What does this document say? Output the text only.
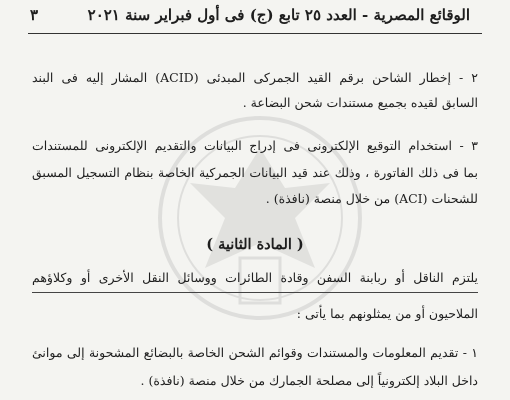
الوقائع المصرية - العدد ٢٥ تابع (ج) فى أول فبراير سنة ٢٠٢١
٣
٢ - إخطار الشاحن برقم القيد الجمركى المبدئى (ACID) المشار إليه فى البند
السابق لقيده بجميع مستندات شحن البضاعة .
٣ - استخدام التوقيع الإلكترونى فى إدراج البيانات والتقديم الإلكترونى للمستندات
بما فى ذلك الفاتورة ، وذلك عند قيد البيانات الجمركية الخاصة بنظام التسجيل المسبق
للشحنات (ACI) من خلال منصة (نافذة) .
( المادة الثانية )
يلتزم الناقل أو ربابنة السفن وقادة الطائرات ووسائل النقل الأخرى أو وكلاؤهم
الملاحيون أو من يمثلونهم بما يأتى :
١ - تقديم المعلومات والمستندات وقوائم الشحن الخاصة بالبضائع المشحونة إلى موانئ
داخل البلاد إلكترونياً إلى مصلحة الجمارك من خلال منصة (نافذة) .
